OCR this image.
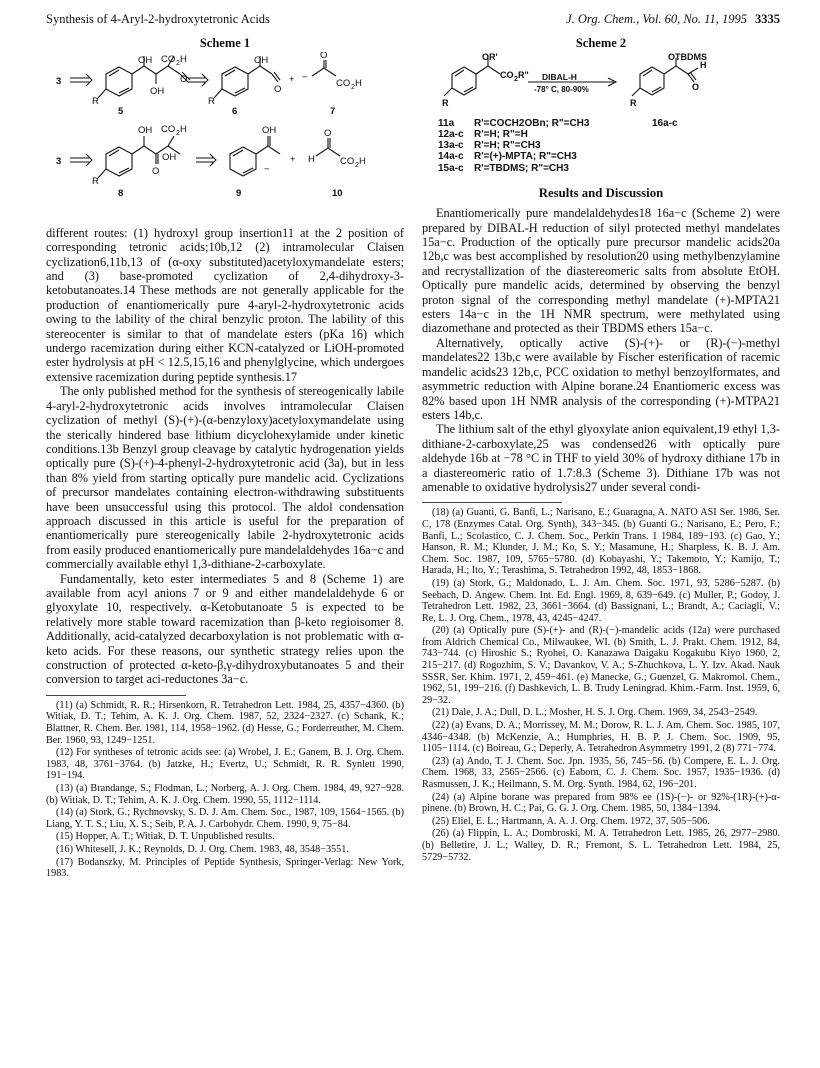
Synthesis of 4-Aryl-2-hydroxytetronic Acids	J. Org. Chem., Vol. 60, No. 11, 1995 3335
Scheme 1
3
OH CO 2 H
OH
O
R
5
OH
O
R
6
+ −
CO 2 H
O
7
3
OH CO 2 H
OH
O
R
8
OH
−
+ H	CO 2 H
O
9	10

different routes: (1) hydroxyl group insertion11 at the 2 position of corresponding tetronic acids;10b,12 (2) intramolecular Claisen cyclization6,11b,13 of (α-oxy substituted)acetyloxymandelate esters; and (3) base-promoted cyclization of 2,4-dihydroxy-3-ketobutanoates.14 These methods are not generally applicable for the production of enantiomerically pure 4-aryl-2-hydroxytetronic acids owing to the lability of the chiral benzylic proton. The lability of this stereocenter is similar to that of mandelate esters (pKa 16) which undergo racemization during either KCN-catalyzed or LiOH-promoted ester hydrolysis at pH < 12.5,15,16 and phenylglycine, which undergoes extensive racemization during peptide synthesis.17

The only published method for the synthesis of stereogenically labile 4-aryl-2-hydroxytetronic acids involves intramolecular Claisen cyclization of methyl (S)-(+)-(α-benzyloxy)acetyloxymandelate using the sterically hindered base lithium dicyclohexylamide under kinetic conditions.13b Benzyl group cleavage by catalytic hydrogenation yields optically pure (S)-(+)-4-phenyl-2-hydroxytetronic acid (3a), but in less than 8% yield from starting optically pure mandelic acid. Cyclizations of precursor mandelates containing electron-withdrawing substituents have been unsuccessful using this protocol. The aldol condensation approach discussed in this article is useful for the preparation of enantiomerically pure stereogenically labile 2-hydroxytetronic acids from easily produced enantiomerically pure mandelaldehydes 16a−c and commercially available ethyl 1,3-dithiane-2-carboxylate.

Fundamentally, keto ester intermediates 5 and 8 (Scheme 1) are available from acyl anions 7 or 9 and either mandelaldehyde 6 or glyoxylate 10, respectively. α-Ketobutanoate 5 is expected to be relatively more stable toward racemization than β-keto regioisomer 8. Additionally, acid-catalyzed decarboxylation is not problematic with α-keto acids. For these reasons, our synthetic strategy relies upon the construction of protected α-keto-β,γ-dihydroxybutanoates 5 and their conversion to target aci-reductones 3a−c.

(11) (a) Schmidt, R. R.; Hirsenkorn, R. Tetrahedron Lett. 1984, 25, 4357−4360. (b) Witiak, D. T.; Tehim, A. K. J. Org. Chem. 1987, 52, 2324−2327. (c) Schank, K.; Blattner, R. Chem. Ber. 1981, 114, 1958−1962. (d) Hesse, G.; Forderreuther, M. Chem. Ber. 1960, 93, 1249−1251.

(12) For syntheses of tetronic acids see: (a) Wrobel, J. E.; Ganem, B. J. Org. Chem. 1983, 48, 3761−3764. (b) Jatzke, H.; Evertz, U.; Schmidt, R. R. Synlett 1990, 191−194.

(13) (a) Brandange, S.; Flodman, L.; Norberg, A. J. Org. Chem. 1984, 49, 927−928. (b) Witiak, D. T.; Tehim, A. K. J. Org. Chem. 1990, 55, 1112−1114.

(14) (a) Stork, G.; Rychnovsky, S. D. J. Am. Chem. Soc., 1987, 109, 1564−1565. (b) Liang, Y. T. S.; Liu, X. S.; Seib, P. A. J. Carbohydr. Chem. 1990, 9, 75−84.

(15) Hopper, A. T.; Witiak, D. T. Unpublished results.

(16) Whitesell, J. K.; Reynolds, D. J. Org. Chem. 1983, 48, 3548−3551.

(17) Bodanszky, M. Principles of Peptide Synthesis, Springer-Verlag: New York, 1983.

Scheme 2
OR'
CO 2 R"
R
DIBAL-H
-78° C, 80-90%
OTBDMS
H
O
R
11a R'=COCH2OBn; R"=CH3
12a-c R'=H; R"=H
13a-c R'=H; R"=CH3
14a-c R'=(+)-MPTA; R"=CH3
15a-c R'=TBDMS; R"=CH3
16a-c
Results and Discussion

Enantiomerically pure mandelaldehydes18 16a−c (Scheme 2) were prepared by DIBAL-H reduction of silyl protected methyl mandelates 15a−c. Production of the optically pure precursor mandelic acids20a 12b,c was best accomplished by resolution20 using methylbenzylamine and recrystallization of the diastereomeric salts from absolute EtOH. Optically pure mandelic acids, determined by observing the benzyl proton signal of the corresponding methyl mandelate (+)-MPTA21 esters 14a−c in the 1H NMR spectrum, were methylated using diazomethane and protected as their TBDMS ethers 15a−c.

Alternatively, optically active (S)-(+)- or (R)-(−)-methyl mandelates22 13b,c were available by Fischer esterification of racemic mandelic acids23 12b,c, PCC oxidation to methyl benzoylformates, and asymmetric reduction with Alpine borane.24 Enantiomeric excess was 82% based upon 1H NMR analysis of the corresponding (+)-MTPA21 esters 14b,c.

The lithium salt of the ethyl glyoxylate anion equivalent,19 ethyl 1,3-dithiane-2-carboxylate,25 was condensed26 with optically pure aldehyde 16b at −78 °C in THF to yield 30% of hydroxy dithiane 17b in a diastereomeric ratio of 1.7:8.3 (Scheme 3). Dithiane 17b was not amenable to oxidative hydrolysis27 under several condi-

(18) (a) Guanti, G. Banfi, L.; Narisano, E.; Guaragna, A. NATO ASI Ser. 1986, Ser. C, 178 (Enzymes Catal. Org. Synth), 343−345. (b) Guanti G.; Narisano, E.; Pero, F.; Banfi, L.; Scolastico, C. J. Chem. Soc., Perkin Trans. 1 1984, 189−193. (c) Gao, Y.; Hanson, R. M.; Klunder, J. M.; Ko, S. Y.; Masamune, H.; Sharpless, K. B. J. Am. Chem. Soc. 1987, 109, 5765−5780. (d) Kobayashi, Y.; Takemoto, Y.; Kamijo, T.; Harada, H.; Ito, Y.; Terashima, S. Tetrahedron 1992, 48, 1853−1868.

(19) (a) Stork, G.; Maldonado, L. J. Am. Chem. Soc. 1971, 93, 5286−5287. (b) Seebach, D. Angew. Chem. Int. Ed. Engl. 1969, 8, 639−649. (c) Muller, P.; Godoy, J. Tetrahedron Lett. 1982, 23, 3661−3664. (d) Bassignani, L.; Brandt, A.; Caciagli, V.; Re, L. J. Org. Chem., 1978, 43, 4245−4247.

(20) (a) Optically pure (S)-(+)- and (R)-(−)-mandelic acids (12a) were purchased from Aldrich Chemical Co., Milwaukee, WI. (b) Smith, L. J. Prakt. Chem. 1912, 84, 743−744. (c) Hiroshic S.; Ryohei, O. Kanazawa Daigaku Kogakubu Kiyo 1960, 2, 215−217. (d) Rogozhim, S. V.; Davankov, V. A.; S-Zhuchkova, L. Y. Izv. Akad. Nauk SSSR, Ser. Khim. 1971, 2, 459−461. (e) Manecke, G.; Guenzel, G. Makromol. Chem., 1962, 51, 199−216. (f) Dashkevich, L. B. Trudy Leningrad. Khim.-Farm. Inst. 1959, 6, 29−32.

(21) Dale, J. A.; Dull, D. L.; Mosher, H. S. J. Org. Chem. 1969, 34, 2543−2549.

(22) (a) Evans, D. A.; Morrissey, M. M.; Dorow, R. L. J. Am. Chem. Soc. 1985, 107, 4346−4348. (b) McKenzie, A.; Humphries, H. B. P. J. Chem. Soc. 1909, 95, 1105−1114. (c) Boireau, G.; Deperly, A. Tetrahedron Asymmetry 1991, 2 (8) 771−774.

(23) (a) Ando, T. J. Chem. Soc. Jpn. 1935, 56, 745−56. (b) Compere, E. L. J. Org. Chem. 1968, 33, 2565−2566. (c) Eaborn, C. J. Chem. Soc. 1957, 1935−1936. (d) Rasmussen, J. K.; Heilmann, S. M. Org. Synth. 1984, 62, 196−201.

(24) (a) Alpine borane was prepared from 98% ee (1S)-(−)- or 92%-(1R)-(+)-α-pinene. (b) Brown, H. C.; Pai, G. G. J. Org. Chem. 1985, 50, 1384−1394.

(25) Eliel, E. L.; Hartmann, A. A. J. Org. Chem. 1972, 37, 505−506.

(26) (a) Flippin, L. A.; Dombroski, M. A. Tetrahedron Lett. 1985, 26, 2977−2980. (b) Belletire, J. L.; Walley, D. R.; Fremont, S. L. Tetrahedron Lett. 1984, 25, 5729−5732.
